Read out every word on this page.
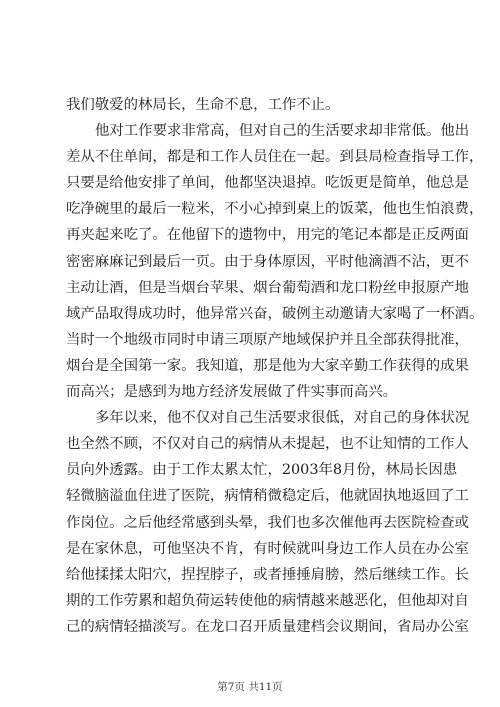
我们敬爱的林局长，生命不息，工作不止。
他对工作要求非常高，但对自己的生活要求却非常低。他出
差从不住单间，都是和工作人员住在一起。到县局检查指导工作，
只要是给他安排了单间，他都坚决退掉。吃饭更是简单，他总是
吃净碗里的最后一粒米，不小心掉到桌上的饭菜，他也生怕浪费，
再夹起来吃了。在他留下的遗物中，用完的笔记本都是正反两面
密密麻麻记到最后一页。由于身体原因，平时他滴酒不沾，更不
主动让酒，但是当烟台苹果、烟台葡萄酒和龙口粉丝申报原产地
域产品取得成功时，他异常兴奋，破例主动邀请大家喝了一杯酒。
当时一个地级市同时申请三项原产地域保护并且全部获得批准，
烟台是全国第一家。我知道，那是他为大家辛勤工作获得的成果
而高兴；是感到为地方经济发展做了件实事而高兴。
多年以来，他不仅对自己生活要求很低，对自己的身体状况
也全然不顾，不仅对自己的病情从未提起，也不让知情的工作人
员向外透露。由于工作太累太忙，2003年8月份，林局长因患
轻微脑溢血住进了医院，病情稍微稳定后，他就固执地返回了工
作岗位。之后他经常感到头晕，我们也多次催他再去医院检查或
是在家休息，可他坚决不肯，有时候就叫身边工作人员在办公室
给他揉揉太阳穴，捏捏脖子，或者捶捶肩膀，然后继续工作。长
期的工作劳累和超负荷运转使他的病情越来越恶化，但他却对自
己的病情轻描淡写。在龙口召开质量建档会议期间，省局办公室
第7页 共11页
